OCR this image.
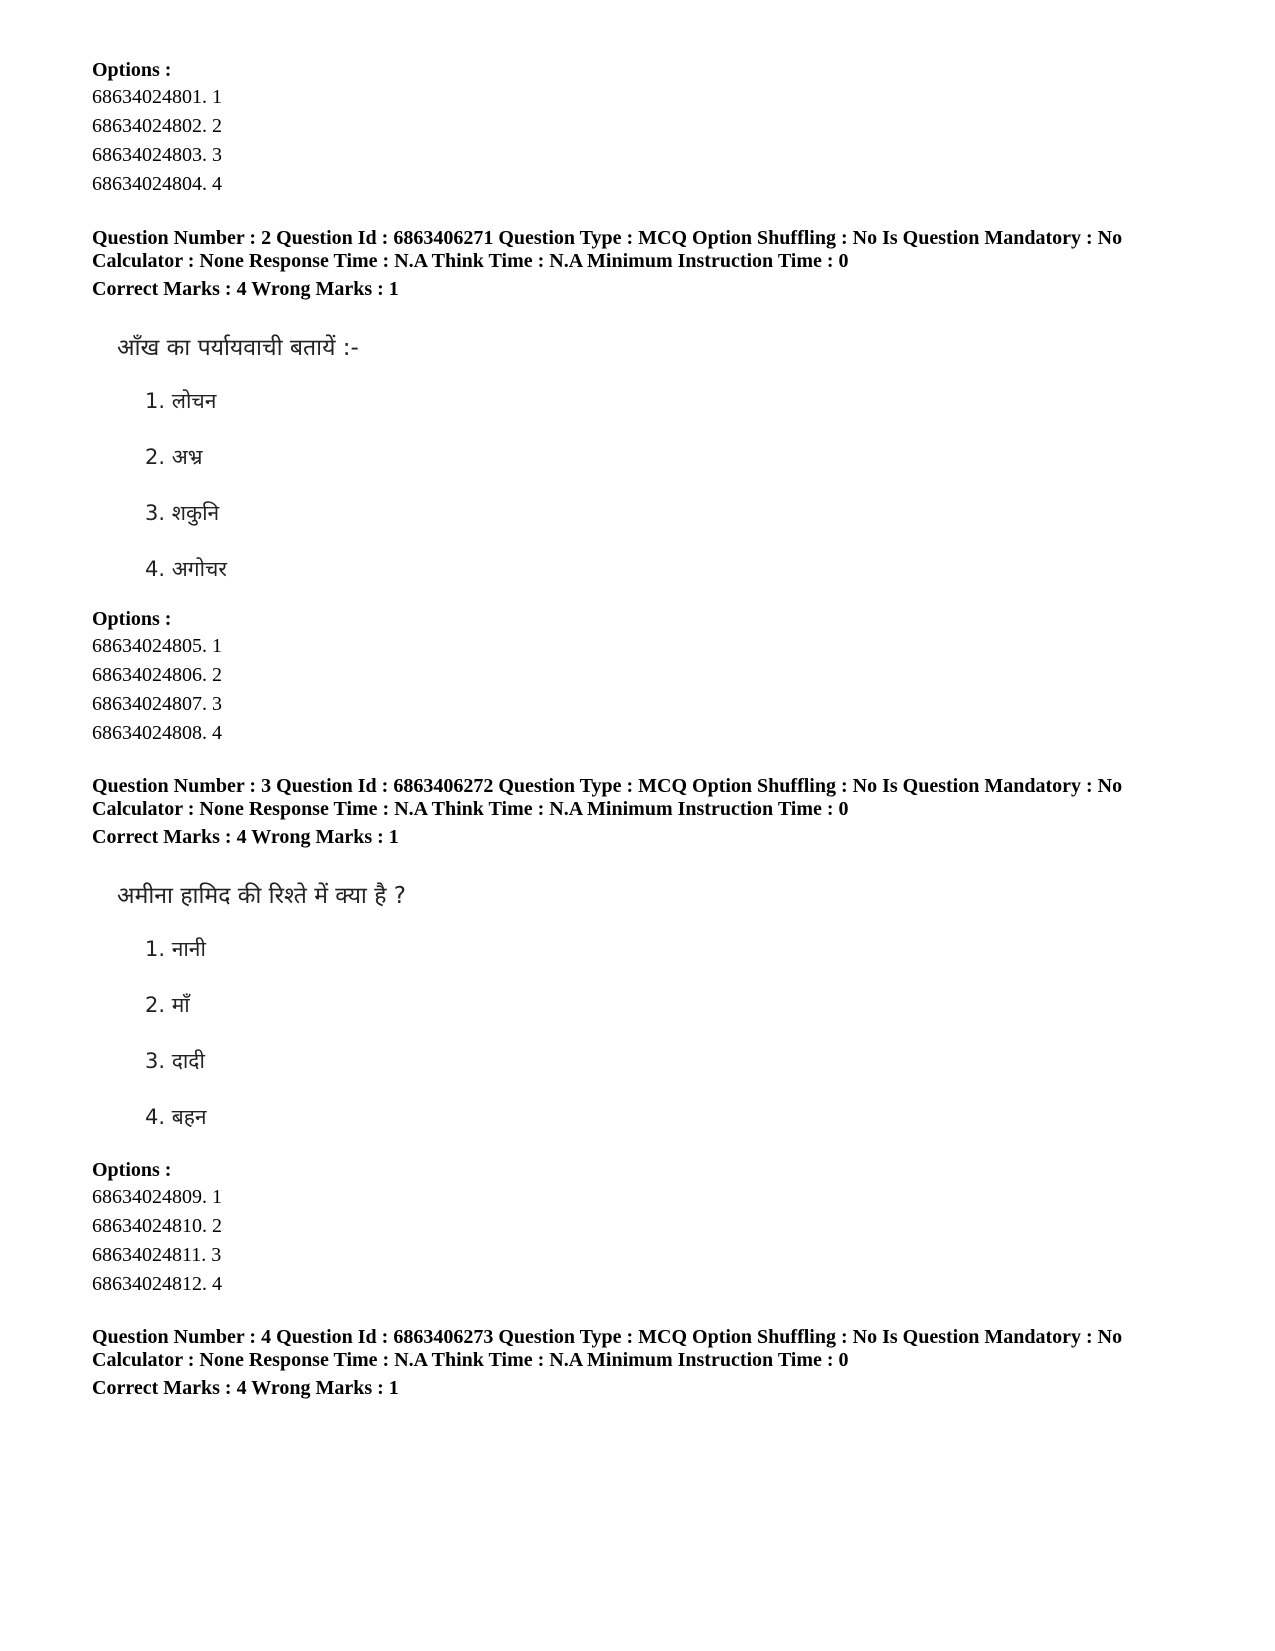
Options :
68634024801. 1
68634024802. 2
68634024803. 3
68634024804. 4
Question Number : 2 Question Id : 6863406271 Question Type : MCQ Option Shuffling : No Is Question Mandatory : No
Calculator : None Response Time : N.A Think Time : N.A Minimum Instruction Time : 0
Correct Marks : 4 Wrong Marks : 1
आँख का पर्यायवाची बतायें :-
1. लोचन
2. अभ्र
3. शकुनि
4. अगोचर
Options :
68634024805. 1
68634024806. 2
68634024807. 3
68634024808. 4
Question Number : 3 Question Id : 6863406272 Question Type : MCQ Option Shuffling : No Is Question Mandatory : No
Calculator : None Response Time : N.A Think Time : N.A Minimum Instruction Time : 0
Correct Marks : 4 Wrong Marks : 1
अमीना हामिद की रिश्ते में क्या है ?
1. नानी
2. माँ
3. दादी
4. बहन
Options :
68634024809. 1
68634024810. 2
68634024811. 3
68634024812. 4
Question Number : 4 Question Id : 6863406273 Question Type : MCQ Option Shuffling : No Is Question Mandatory : No
Calculator : None Response Time : N.A Think Time : N.A Minimum Instruction Time : 0
Correct Marks : 4 Wrong Marks : 1
